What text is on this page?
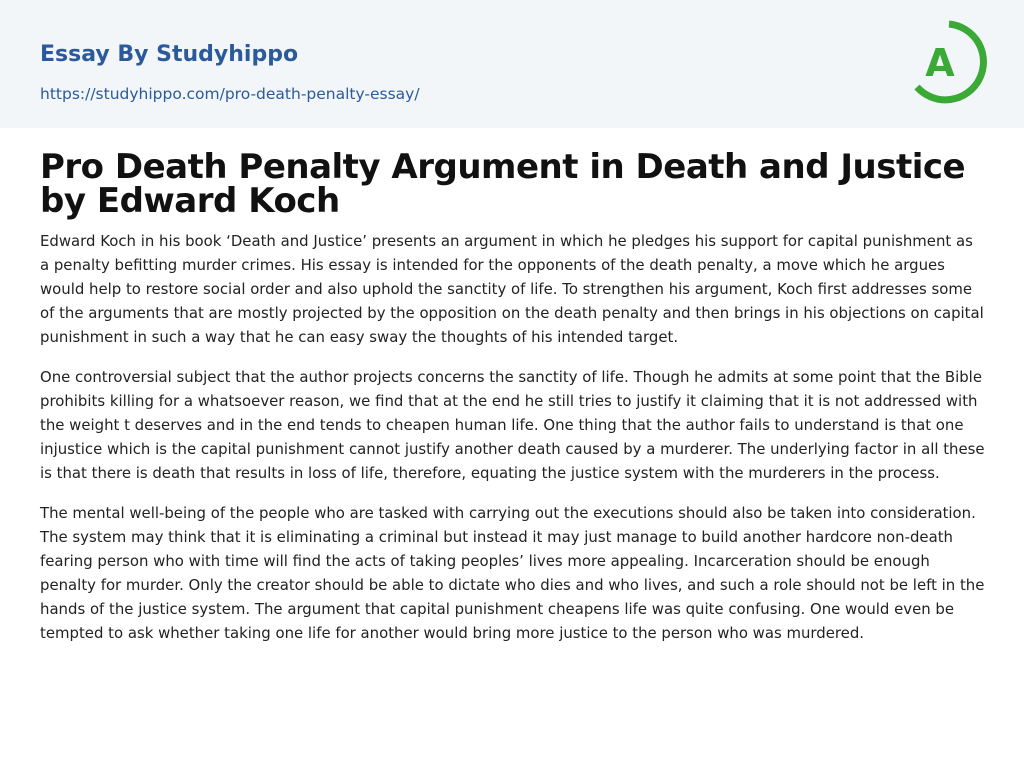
Essay By Studyhippo
https://studyhippo.com/pro-death-penalty-essay/
A
Pro Death Penalty Argument in Death and Justice by Edward Koch

Edward Koch in his book ‘Death and Justice’ presents an argument in which he pledges his support for capital punishment as a penalty befitting murder crimes. His essay is intended for the opponents of the death penalty, a move which he argues would help to restore social order and also uphold the sanctity of life. To strengthen his argument, Koch first addresses some of the arguments that are mostly projected by the opposition on the death penalty and then brings in his objections on capital punishment in such a way that he can easy sway the thoughts of his intended target.

One controversial subject that the author projects concerns the sanctity of life. Though he admits at some point that the Bible prohibits killing for a whatsoever reason, we find that at the end he still tries to justify it claiming that it is not addressed with the weight t deserves and in the end tends to cheapen human life. One thing that the author fails to understand is that one injustice which is the capital punishment cannot justify another death caused by a murderer. The underlying factor in all these is that there is death that results in loss of life, therefore, equating the justice system with the murderers in the process.

The mental well-being of the people who are tasked with carrying out the executions should also be taken into consideration. The system may think that it is eliminating a criminal but instead it may just manage to build another hardcore non-death fearing person who with time will find the acts of taking peoples’ lives more appealing. Incarceration should be enough penalty for murder. Only the creator should be able to dictate who dies and who lives, and such a role should not be left in the hands of the justice system. The argument that capital punishment cheapens life was quite confusing. One would even be tempted to ask whether taking one life for another would bring more justice to the person who was murdered.
